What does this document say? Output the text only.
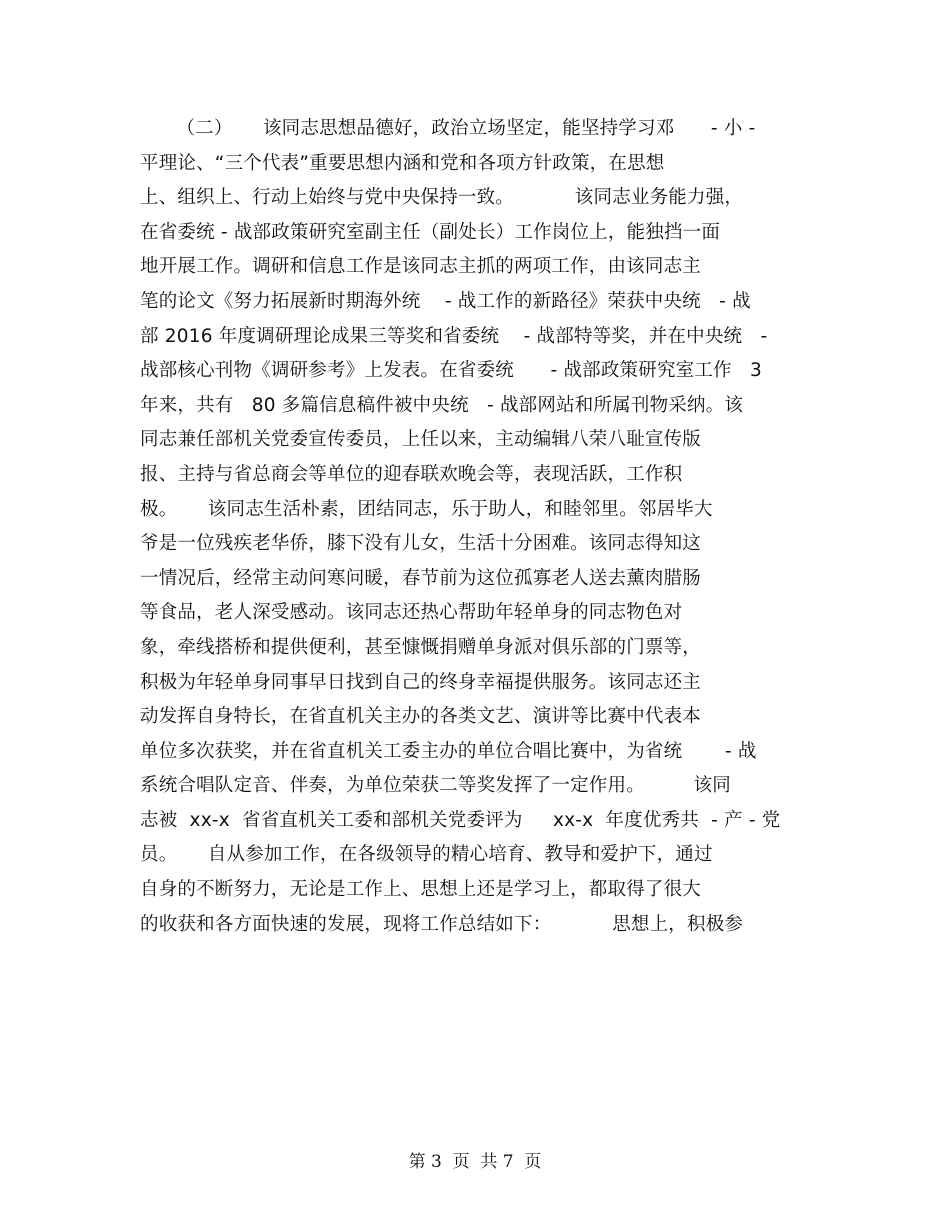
（二）     该同志思想品德好，政治立场坚定，能坚持学习邓      - 小 -
平理论、“三个代表”重要思想内涵和党和各项方针政策，在思想
上、组织上、行动上始终与党中央保持一致。          该同志业务能力强，
在省委统 - 战部政策研究室副主任（副处长）工作岗位上，能独挡一面
地开展工作。调研和信息工作是该同志主抓的两项工作，由该同志主
笔的论文《努力拓展新时期海外统    - 战工作的新路径》荣获中央统   - 战
部 2016 年度调研理论成果三等奖和省委统    - 战部特等奖，并在中央统   -
战部核心刊物《调研参考》上发表。在省委统      - 战部政策研究室工作   3
年来，共有   80 多篇信息稿件被中央统   - 战部网站和所属刊物采纳。该
同志兼任部机关党委宣传委员，上任以来，主动编辑八荣八耻宣传版
报、主持与省总商会等单位的迎春联欢晚会等，表现活跃，工作积
极。     该同志生活朴素，团结同志，乐于助人，和睦邻里。邻居毕大
爷是一位残疾老华侨，膝下没有儿女，生活十分困难。该同志得知这
一情况后，经常主动问寒问暖，春节前为这位孤寡老人送去薰肉腊肠
等食品，老人深受感动。该同志还热心帮助年轻单身的同志物色对
象，牵线搭桥和提供便利，甚至慷慨捐赠单身派对俱乐部的门票等，
积极为年轻单身同事早日找到自己的终身幸福提供服务。该同志还主
动发挥自身特长，在省直机关主办的各类文艺、演讲等比赛中代表本
单位多次获奖，并在省直机关工委主办的单位合唱比赛中，为省统       - 战
系统合唱队定音、伴奏，为单位荣获二等奖发挥了一定作用。        该同
志被  xx-x  省省直机关工委和部机关党委评为     xx-x  年度优秀共  - 产 - 党
员。     自从参加工作，在各级领导的精心培育、教导和爱护下，通过
自身的不断努力，无论是工作上、思想上还是学习上，都取得了很大
的收获和各方面快速的发展，现将工作总结如下：          思想上，积极参
第 3  页  共 7  页
